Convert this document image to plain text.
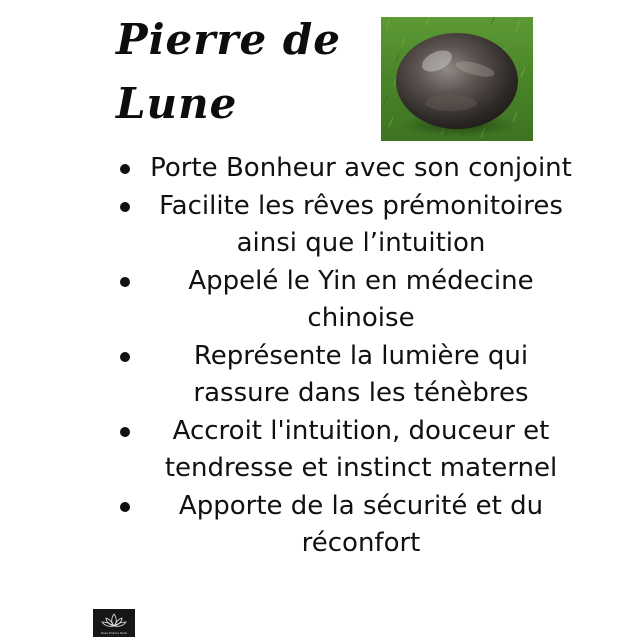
Pierre de
Lune
Porte Bonheur avec son conjoint
Facilite les rêves prémonitoires ainsi que l’intuition
Appelé le Yin en médecine chinoise
Représente la lumière qui rassure dans les ténèbres
Accroit l'intuition, douceur et tendresse et instinct maternel
Apporte de la sécurité et du réconfort
Rose Prisma Reiki
